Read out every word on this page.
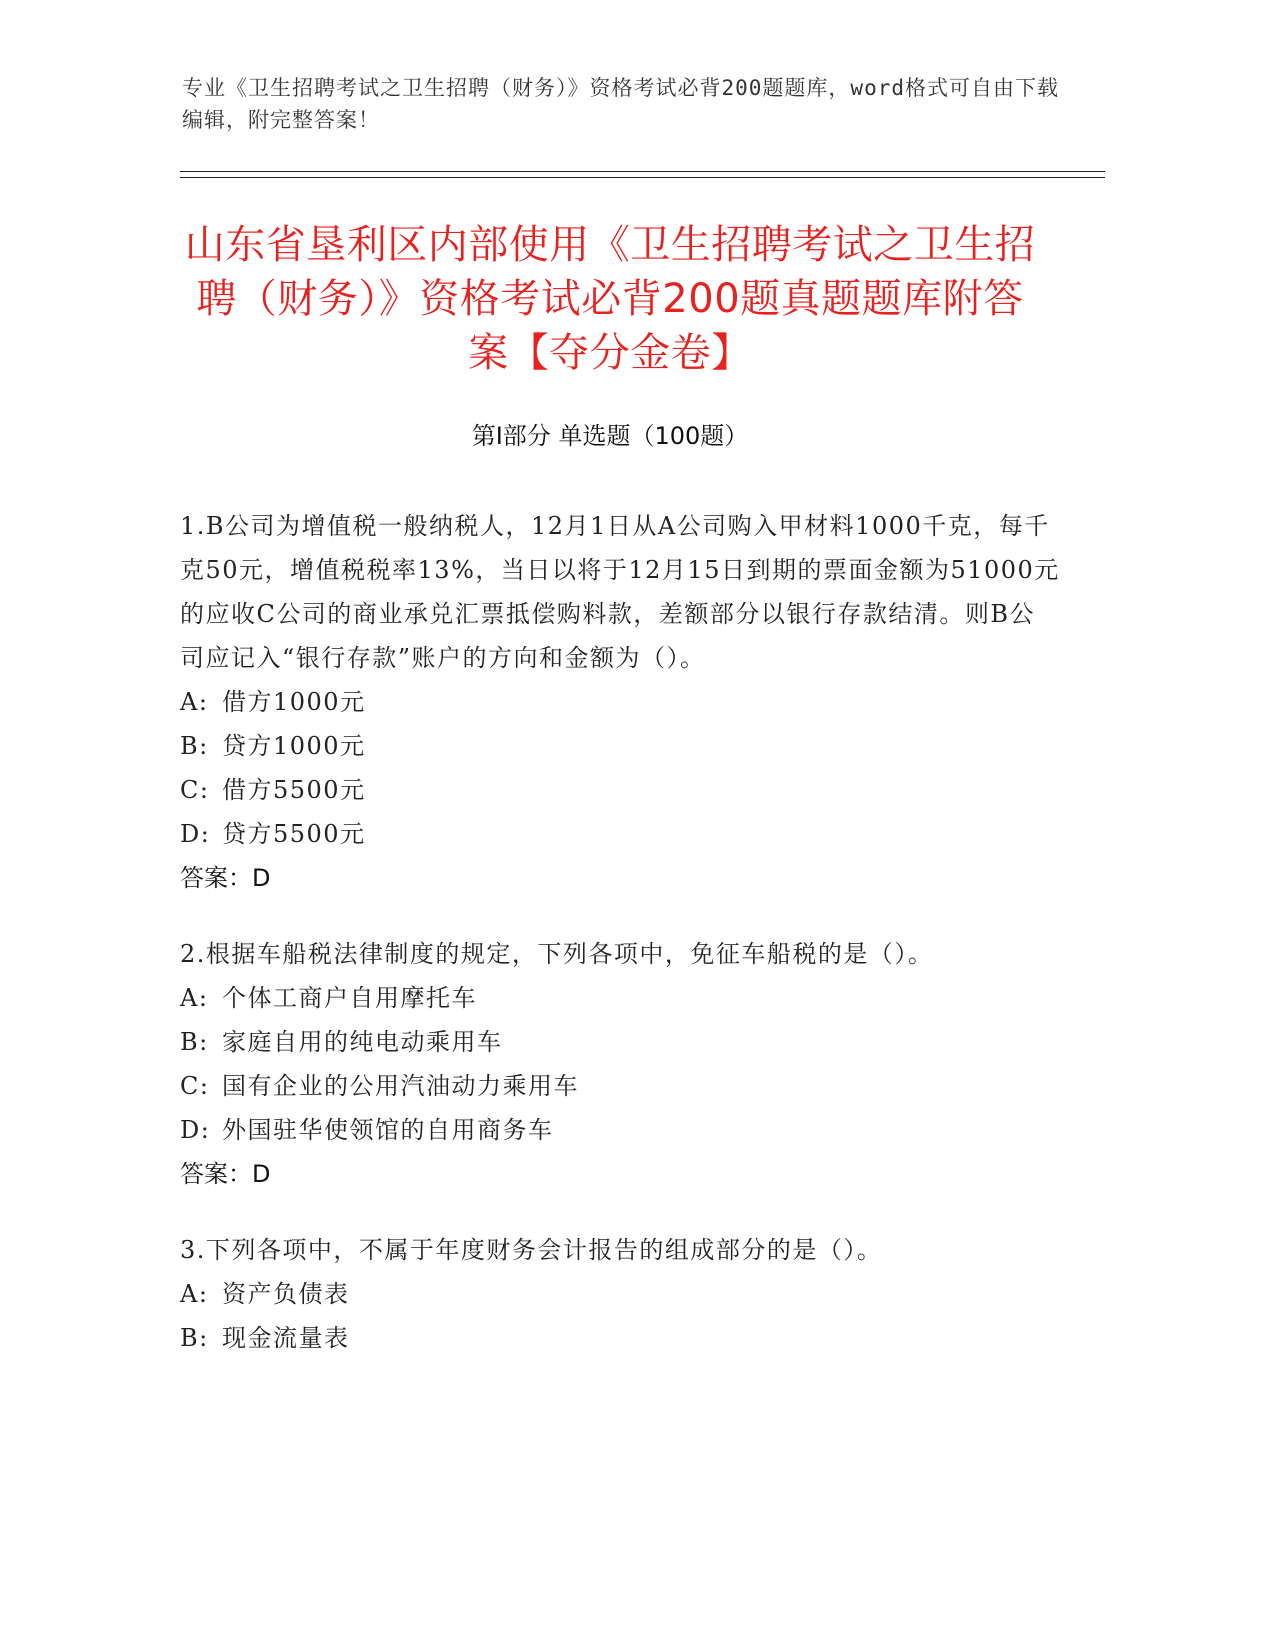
专业《卫生招聘考试之卫生招聘（财务）》资格考试必背200题题库，word格式可自由下载编辑，附完整答案！
山东省垦利区内部使用《卫生招聘考试之卫生招聘（财务）》资格考试必背200题真题题库附答案【夺分金卷】
第Ⅰ部分 单选题（100题）
1.B公司为增值税一般纳税人，12月1日从A公司购入甲材料1000千克，每千克50元，增值税税率13%，当日以将于12月15日到期的票面金额为51000元的应收C公司的商业承兑汇票抵偿购料款，差额部分以银行存款结清。则B公司应记入“银行存款”账户的方向和金额为（）。
A: 借方1000元
B: 贷方1000元
C: 借方5500元
D: 贷方5500元
答案：D
2.根据车船税法律制度的规定，下列各项中，免征车船税的是（）。
A: 个体工商户自用摩托车
B: 家庭自用的纯电动乘用车
C: 国有企业的公用汽油动力乘用车
D: 外国驻华使领馆的自用商务车
答案：D
3.下列各项中，不属于年度财务会计报告的组成部分的是（）。
A: 资产负债表
B: 现金流量表
